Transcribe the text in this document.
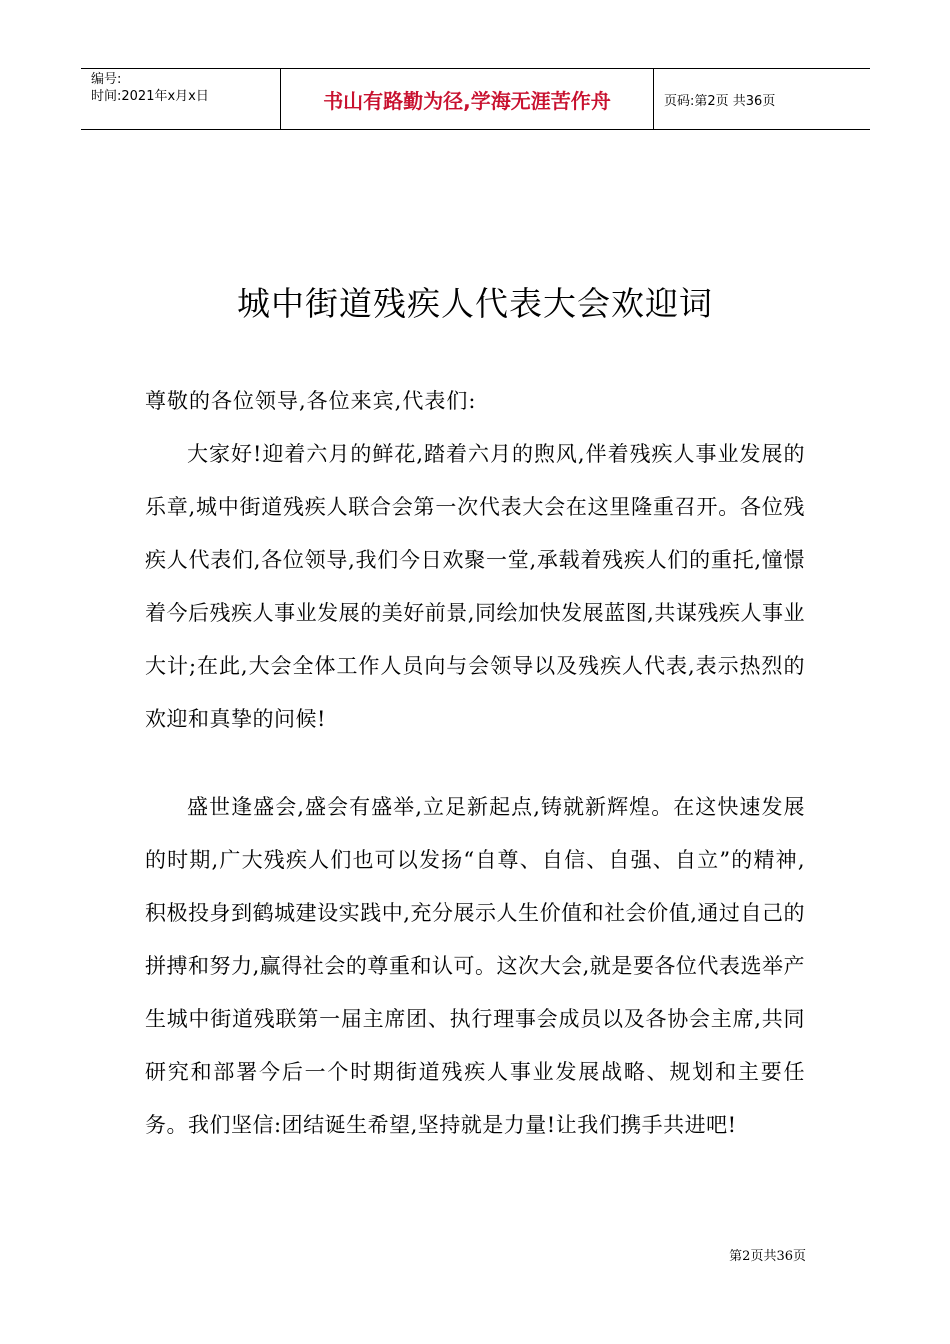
编号:
时间:2021年x月x日	书山有路勤为径,学海无涯苦作舟	页码:第2页 共36页
城中街道残疾人代表大会欢迎词
尊敬的各位领导,各位来宾,代表们:
大家好!迎着六月的鲜花,踏着六月的煦风,伴着残疾人事业发展的乐章,城中街道残疾人联合会第一次代表大会在这里隆重召开。各位残疾人代表们,各位领导,我们今日欢聚一堂,承载着残疾人们的重托,憧憬着今后残疾人事业发展的美好前景,同绘加快发展蓝图,共谋残疾人事业大计;在此,大会全体工作人员向与会领导以及残疾人代表,表示热烈的欢迎和真挚的问候!
盛世逢盛会,盛会有盛举,立足新起点,铸就新辉煌。在这快速发展的时期,广大残疾人们也可以发扬“自尊、自信、自强、自立”的精神,积极投身到鹤城建设实践中,充分展示人生价值和社会价值,通过自己的拼搏和努力,赢得社会的尊重和认可。这次大会,就是要各位代表选举产生城中街道残联第一届主席团、执行理事会成员以及各协会主席,共同研究和部署今后一个时期街道残疾人事业发展战略、规划和主要任务。我们坚信:团结诞生希望,坚持就是力量!让我们携手共进吧!
第2页共36页
